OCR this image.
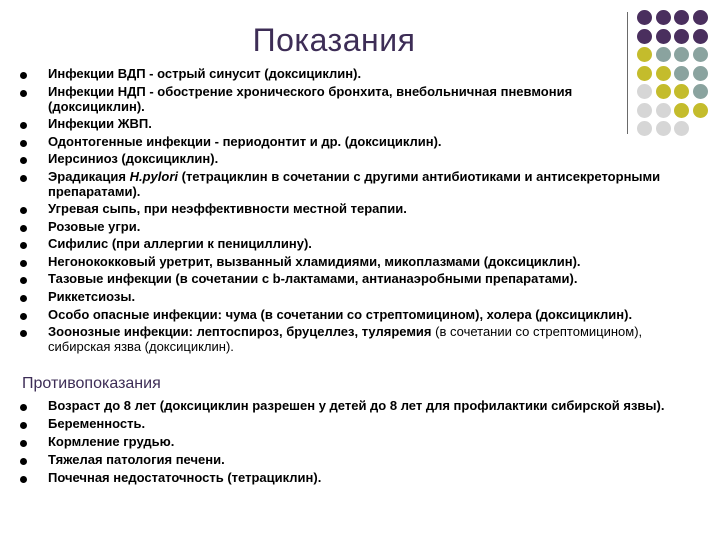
Показания
Инфекции ВДП - острый синусит (доксициклин).
Инфекции НДП - обострение хронического бронхита, внебольничная пневмония (доксициклин).
Инфекции ЖВП.
Одонтогенные инфекции - периодонтит и др. (доксициклин).
Иерсиниоз (доксициклин).
Эрадикация H.pylori (тетрациклин в сочетании с другими антибиотиками и антисекреторными препаратами).
Угревая сыпь, при неэффективности местной терапии.
Розовые угри.
Сифилис (при аллергии к пенициллину).
Негонококковый уретрит, вызванный хламидиями, микоплазмами (доксициклин).
Тазовые инфекции (в сочетании с b-лактамами, антианаэробными препаратами).
Риккетсиозы.
Особо опасные инфекции: чума (в сочетании со стрептомицином), холера (доксициклин).
Зоонозные инфекции: лептоспироз, бруцеллез, туляремия (в сочетании со стрептомицином), сибирская язва (доксициклин).
Противопоказания
Возраст до 8 лет (доксициклин разрешен у детей до 8 лет для профилактики сибирской язвы).
Беременность.
Кормление грудью.
Тяжелая патология печени.
Почечная недостаточность (тетрациклин).
